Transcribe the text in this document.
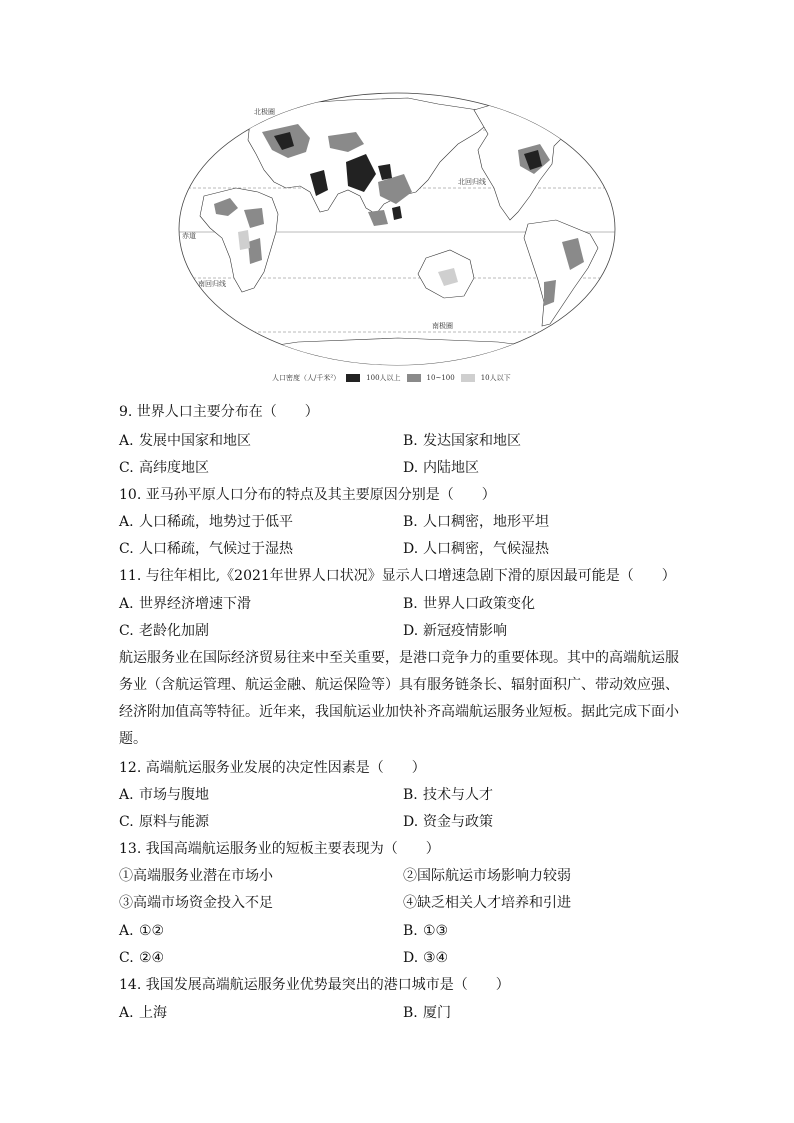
北极圈
北回归线
赤道
南回归线
南极圈
人口密度（人/千米²）	100人以上	10~100	10人以下
9. 世界人口主要分布在（　　）
A. 发展中国家和地区	B. 发达国家和地区
C. 高纬度地区	D. 内陆地区
10. 亚马孙平原人口分布的特点及其主要原因分别是（　　）
A. 人口稀疏，地势过于低平	B. 人口稠密，地形平坦
C. 人口稀疏，气候过于湿热	D. 人口稠密，气候湿热
11. 与往年相比,《2021年世界人口状况》显示人口增速急剧下滑的原因最可能是（　　）
A. 世界经济增速下滑	B. 世界人口政策变化
C. 老龄化加剧	D. 新冠疫情影响
航运服务业在国际经济贸易往来中至关重要，是港口竞争力的重要体现。其中的高端航运服务业（含航运管理、航运金融、航运保险等）具有服务链条长、辐射面积广、带动效应强、经济附加值高等特征。近年来，我国航运业加快补齐高端航运服务业短板。据此完成下面小题。
12. 高端航运服务业发展的决定性因素是（　　）
A. 市场与腹地	B. 技术与人才
C. 原料与能源	D. 资金与政策
13. 我国高端航运服务业的短板主要表现为（　　）
①高端服务业潜在市场小	②国际航运市场影响力较弱
③高端市场资金投入不足	④缺乏相关人才培养和引进
A. ①②	B. ①③
C. ②④	D. ③④
14. 我国发展高端航运服务业优势最突出的港口城市是（　　）
A. 上海	B. 厦门
